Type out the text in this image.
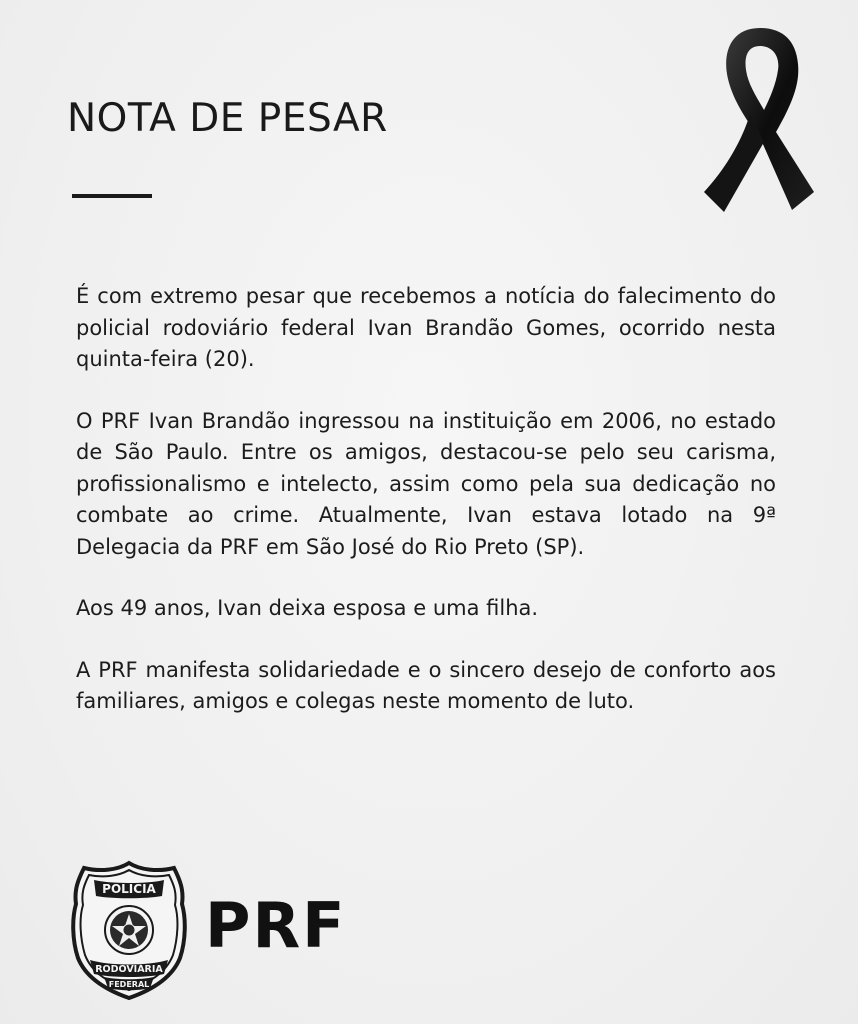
NOTA DE PESAR

É com extremo pesar que recebemos a notícia do falecimento do policial rodoviário federal Ivan Brandão Gomes, ocorrido nesta quinta-feira (20).

O PRF Ivan Brandão ingressou na instituição em 2006, no estado de São Paulo. Entre os amigos, destacou-se pelo seu carisma, profissionalismo e intelecto, assim como pela sua dedicação no combate ao crime. Atualmente, Ivan estava lotado na 9ª Delegacia da PRF em São José do Rio Preto (SP).

Aos 49 anos, Ivan deixa esposa e uma filha.

A PRF manifesta solidariedade e o sincero desejo de conforto aos familiares, amigos e colegas neste momento de luto.

POLÍCIA
RODOVIÁRIA
FEDERAL
PRF
